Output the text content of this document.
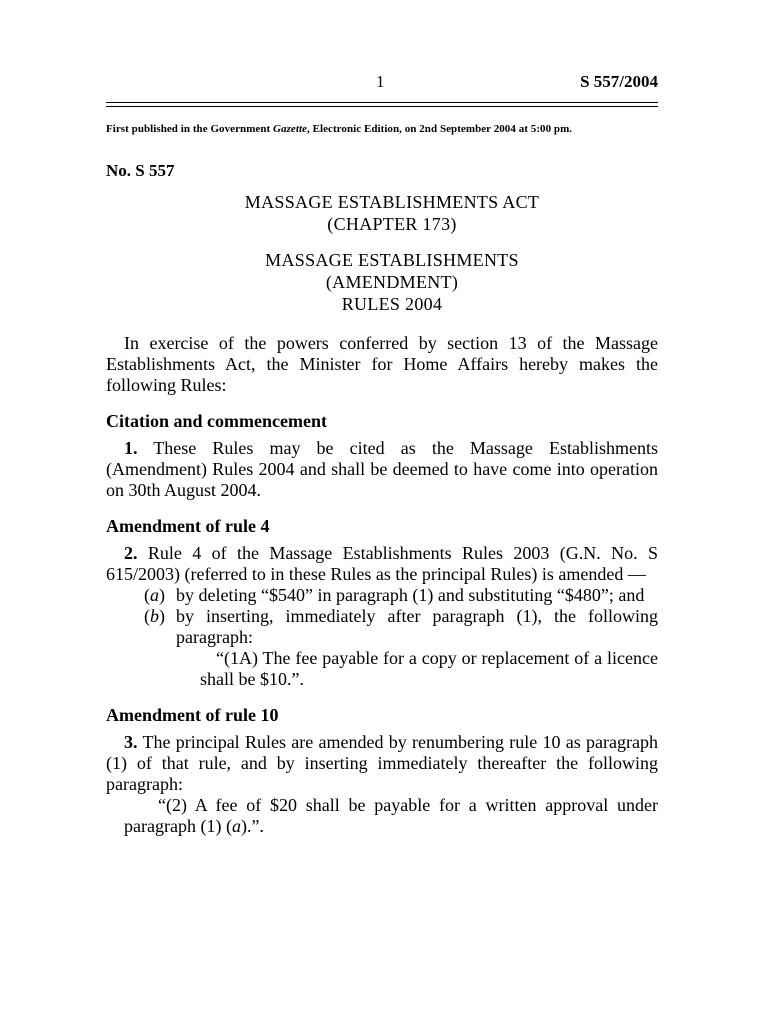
1	S 557/2004
First published in the Government Gazette, Electronic Edition, on 2nd September 2004 at 5:00 pm.
No. S 557
MASSAGE ESTABLISHMENTS ACT
(CHAPTER 173)
MASSAGE ESTABLISHMENTS
(AMENDMENT)
RULES 2004

In exercise of the powers conferred by section 13 of the Massage Establishments Act, the Minister for Home Affairs hereby makes the following Rules:

Citation and commencement

1. These Rules may be cited as the Massage Establishments (Amendment) Rules 2004 and shall be deemed to have come into operation on 30th August 2004.

Amendment of rule 4

2. Rule 4 of the Massage Establishments Rules 2003 (G.N. No. S 615/2003) (referred to in these Rules as the principal Rules) is amended —

(a) by deleting “$540” in paragraph (1) and substituting “$480”; and
(b) by inserting, immediately after paragraph (1), the following paragraph:

“(1A) The fee payable for a copy or replacement of a licence shall be $10.”.

Amendment of rule 10

3. The principal Rules are amended by renumbering rule 10 as paragraph (1) of that rule, and by inserting immediately thereafter the following paragraph:

“(2) A fee of $20 shall be payable for a written approval under paragraph (1) (a).”.
